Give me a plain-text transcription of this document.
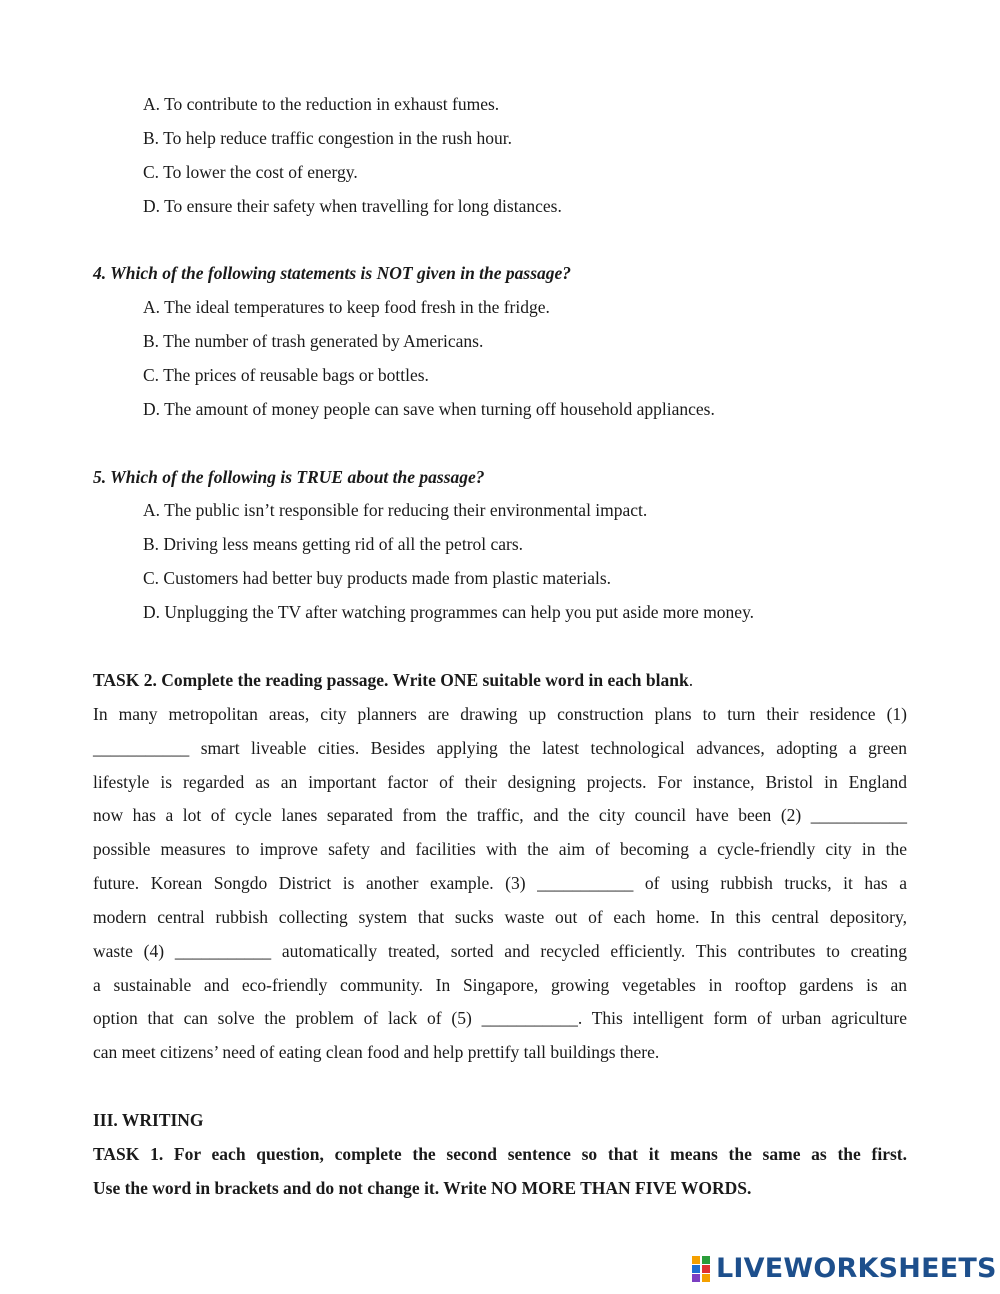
A. To contribute to the reduction in exhaust fumes.
B. To help reduce traffic congestion in the rush hour.
C. To lower the cost of energy.
D. To ensure their safety when travelling for long distances.
4. Which of the following statements is NOT given in the passage?
A. The ideal temperatures to keep food fresh in the fridge.
B. The number of trash generated by Americans.
C. The prices of reusable bags or bottles.
D. The amount of money people can save when turning off household appliances.
5. Which of the following is TRUE about the passage?
A. The public isn’t responsible for reducing their environmental impact.
B. Driving less means getting rid of all the petrol cars.
C. Customers had better buy products made from plastic materials.
D. Unplugging the TV after watching programmes can help you put aside more money.
TASK 2. Complete the reading passage. Write ONE suitable word in each blank.
In many metropolitan areas, city planners are drawing up construction plans to turn their residence (1)
___________ smart liveable cities. Besides applying the latest technological advances, adopting a green
lifestyle is regarded as an important factor of their designing projects. For instance, Bristol in England
now has a lot of cycle lanes separated from the traffic, and the city council have been (2) ___________
possible measures to improve safety and facilities with the aim of becoming a cycle-friendly city in the
future. Korean Songdo District is another example. (3) ___________ of using rubbish trucks, it has a
modern central rubbish collecting system that sucks waste out of each home. In this central depository,
waste (4) ___________ automatically treated, sorted and recycled efficiently. This contributes to creating
a sustainable and eco-friendly community. In Singapore, growing vegetables in rooftop gardens is an
option that can solve the problem of lack of (5) ___________. This intelligent form of urban agriculture
can meet citizens’ need of eating clean food and help prettify tall buildings there.
III. WRITING
TASK 1. For each question, complete the second sentence so that it means the same as the first.
Use the word in brackets and do not change it. Write NO MORE THAN FIVE WORDS.
LIVEWORKSHEETS
